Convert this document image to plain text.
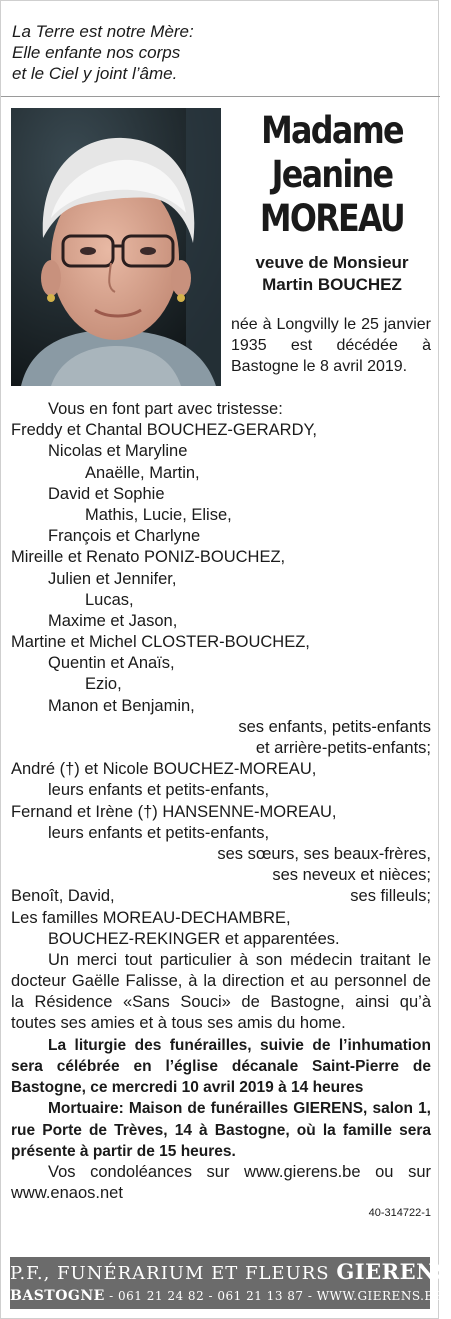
La Terre est notre Mère:
Elle enfante nos corps
et le Ciel y joint l’âme.
Madame
Jeanine
MOREAU
veuve de Monsieur
Martin BOUCHEZ
née à Longvilly le 25 janvier 1935 est décédée à Bastogne le 8 avril 2019.
Vous en font part avec tristesse:
Freddy et Chantal BOUCHEZ-GERARDY,
Nicolas et Maryline
Anaëlle, Martin,
David et Sophie
Mathis, Lucie, Elise,
François et Charlyne
Mireille et Renato PONIZ-BOUCHEZ,
Julien et Jennifer,
Lucas,
Maxime et Jason,
Martine et Michel CLOSTER-BOUCHEZ,
Quentin et Anaïs,
Ezio,
Manon et Benjamin,
ses enfants, petits-enfants
et arrière-petits-enfants;
André (†) et Nicole BOUCHEZ-MOREAU,
leurs enfants et petits-enfants,
Fernand et Irène (†) HANSENNE-MOREAU,
leurs enfants et petits-enfants,
ses sœurs, ses beaux-frères,
ses neveux et nièces;
Benoît, David,	ses filleuls;
Les familles MOREAU-DECHAMBRE,
BOUCHEZ-REKINGER et apparentées.

Un merci tout particulier à son médecin traitant le docteur Gaëlle Falisse, à la direction et au personnel de la Résidence «Sans Souci» de Bastogne, ainsi qu’à toutes ses amies et à tous ses amis du home.

La liturgie des funérailles, suivie de l’inhumation sera célébrée en l’église décanale Saint-Pierre de Bastogne, ce mercredi 10 avril 2019 à 14 heures

Mortuaire: Maison de funérailles GIERENS, salon 1, rue Porte de Trèves, 14 à Bastogne, où la famille sera présente à partir de 15 heures.

Vos condoléances sur www.gierens.be ou sur www.enaos.net

40-314722-1
P.F., FUNÉRARIUM ET FLEURS GIERENS
BASTOGNE - 061 21 24 82 - 061 21 13 87 - WWW.GIERENS.BE
